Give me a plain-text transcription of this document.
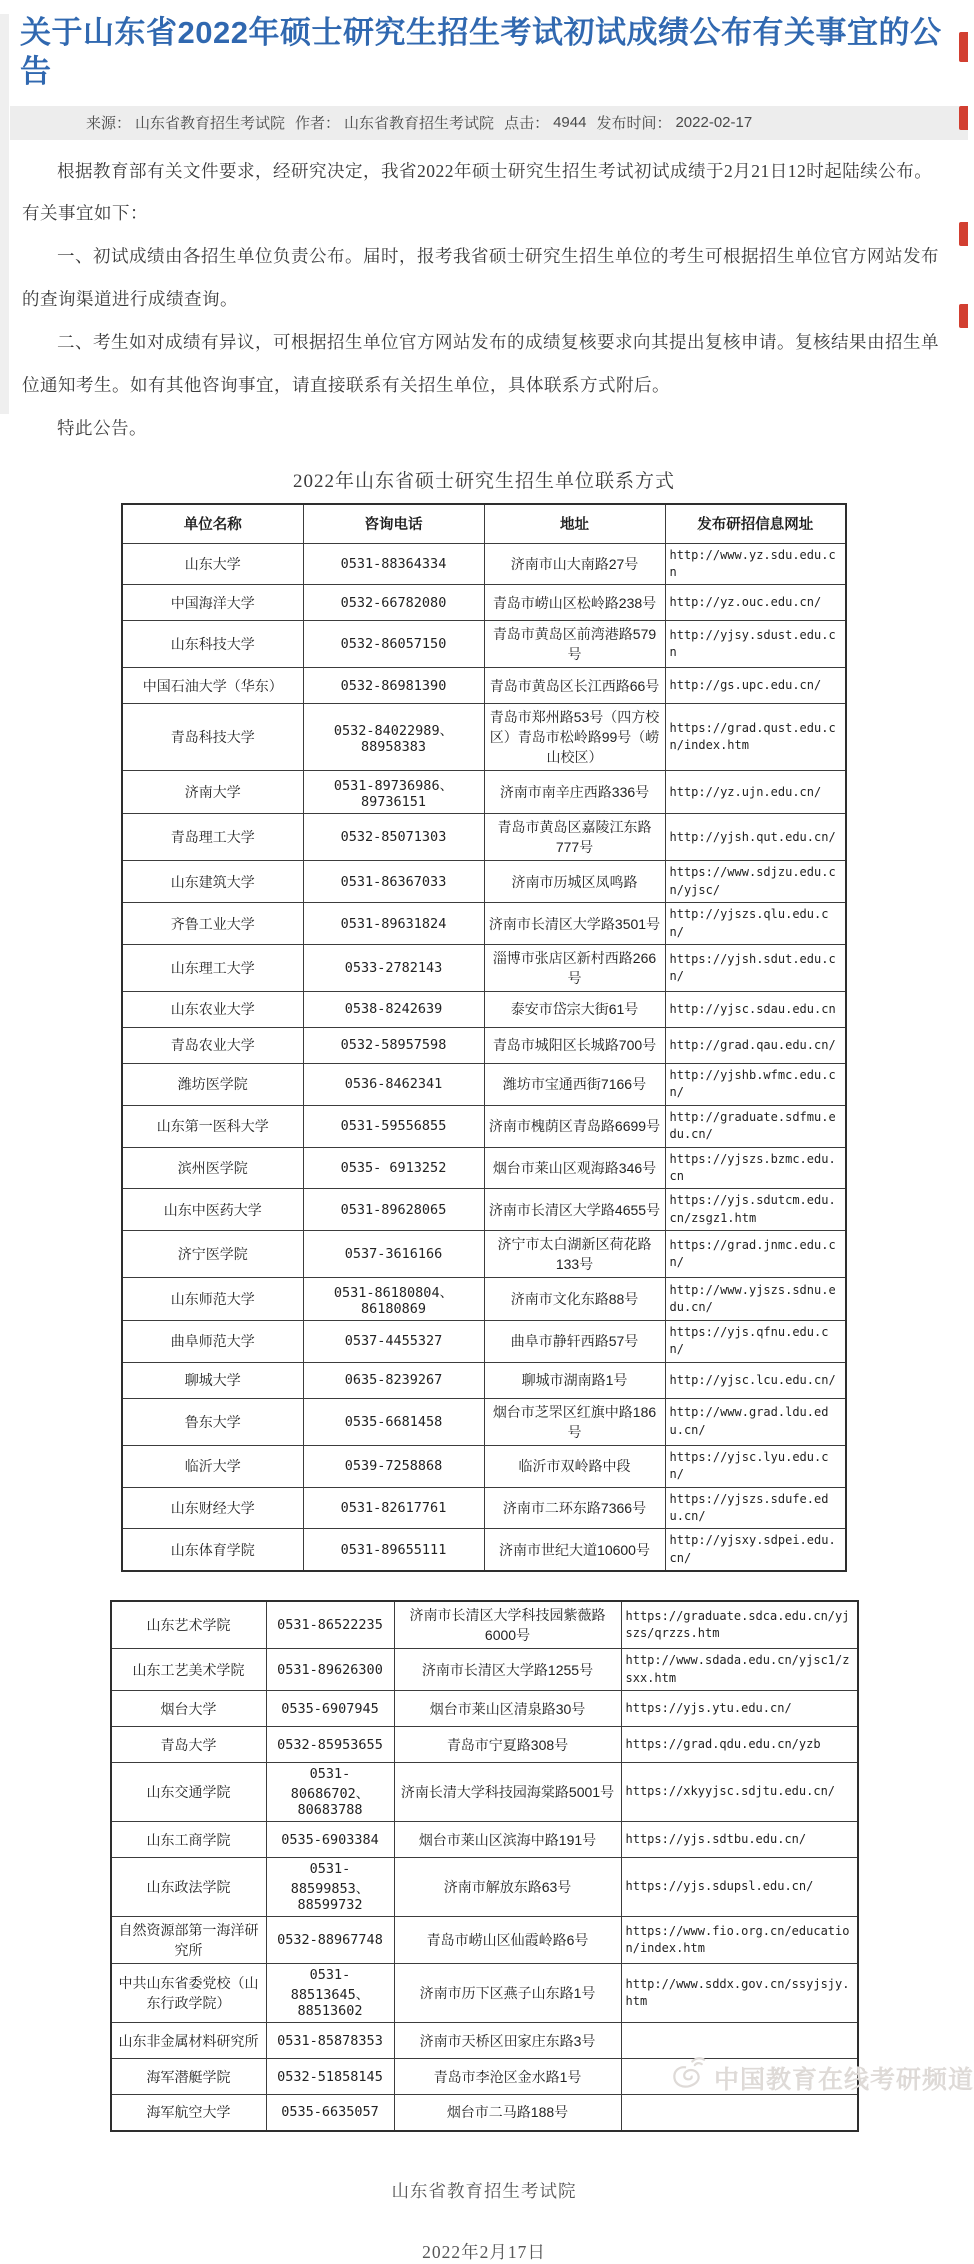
关于山东省2022年硕士研究生招生考试初试成绩公布有关事宜的公告
来源： 山东省教育招生考试院 作者： 山东省教育招生考试院 点击： 4944 发布时间： 2022-02-17

根据教育部有关文件要求，经研究决定，我省2022年硕士研究生招生考试初试成绩于2月21日12时起陆续公布。有关事宜如下：

一、初试成绩由各招生单位负责公布。届时，报考我省硕士研究生招生单位的考生可根据招生单位官方网站发布的查询渠道进行成绩查询。

二、考生如对成绩有异议，可根据招生单位官方网站发布的成绩复核要求向其提出复核申请。复核结果由招生单位通知考生。如有其他咨询事宜，请直接联系有关招生单位，具体联系方式附后。

特此公告。

2022年山东省硕士研究生招生单位联系方式
单位名称	咨询电话	地址	发布研招信息网址
山东大学	0531-88364334	济南市山大南路27号	http://www.yz.sdu.edu.cn
中国海洋大学	0532-66782080	青岛市崂山区松岭路238号	http://yz.ouc.edu.cn/
山东科技大学	0532-86057150	青岛市黄岛区前湾港路579号	http://yjsy.sdust.edu.cn
中国石油大学（华东）	0532-86981390	青岛市黄岛区长江西路66号	http://gs.upc.edu.cn/
青岛科技大学	0532-84022989、88958383	青岛市郑州路53号（四方校区）青岛市松岭路99号（崂山校区）	https://grad.qust.edu.cn/index.htm
济南大学	0531-89736986、89736151	济南市南辛庄西路336号	http://yz.ujn.edu.cn/
青岛理工大学	0532-85071303	青岛市黄岛区嘉陵江东路777号	http://yjsh.qut.edu.cn/
山东建筑大学	0531-86367033	济南市历城区凤鸣路	https://www.sdjzu.edu.cn/yjsc/
齐鲁工业大学	0531-89631824	济南市长清区大学路3501号	http://yjszs.qlu.edu.cn/
山东理工大学	0533-2782143	淄博市张店区新村西路266号	https://yjsh.sdut.edu.cn/
山东农业大学	0538-8242639	泰安市岱宗大街61号	http://yjsc.sdau.edu.cn
青岛农业大学	0532-58957598	青岛市城阳区长城路700号	http://grad.qau.edu.cn/
潍坊医学院	0536-8462341	潍坊市宝通西街7166号	http://yjshb.wfmc.edu.cn/
山东第一医科大学	0531-59556855	济南市槐荫区青岛路6699号	http://graduate.sdfmu.edu.cn/
滨州医学院	0535- 6913252	烟台市莱山区观海路346号	https://yjszs.bzmc.edu.cn
山东中医药大学	0531-89628065	济南市长清区大学路4655号	https://yjs.sdutcm.edu.cn/zsgz1.htm
济宁医学院	0537-3616166	济宁市太白湖新区荷花路133号	https://grad.jnmc.edu.cn/
山东师范大学	0531-86180804、86180869	济南市文化东路88号	http://www.yjszs.sdnu.edu.cn/
曲阜师范大学	0537-4455327	曲阜市静轩西路57号	https://yjs.qfnu.edu.cn/
聊城大学	0635-8239267	聊城市湖南路1号	http://yjsc.lcu.edu.cn/
鲁东大学	0535-6681458	烟台市芝罘区红旗中路186号	http://www.grad.ldu.edu.cn/
临沂大学	0539-7258868	临沂市双岭路中段	https://yjsc.lyu.edu.cn/
山东财经大学	0531-82617761	济南市二环东路7366号	https://yjszs.sdufe.edu.cn/
山东体育学院	0531-89655111	济南市世纪大道10600号	http://yjsxy.sdpei.edu.cn/
山东艺术学院	0531-86522235	济南市长清区大学科技园紫薇路6000号	https://graduate.sdca.edu.cn/yjszs/qrzzs.htm
山东工艺美术学院	0531-89626300	济南市长清区大学路1255号	http://www.sdada.edu.cn/yjsc1/zsxx.htm
烟台大学	0535-6907945	烟台市莱山区清泉路30号	https://yjs.ytu.edu.cn/
青岛大学	0532-85953655	青岛市宁夏路308号	https://grad.qdu.edu.cn/yzb
山东交通学院	0531-80686702、80683788	济南长清大学科技园海棠路5001号	https://xkyyjsc.sdjtu.edu.cn/
山东工商学院	0535-6903384	烟台市莱山区滨海中路191号	https://yjs.sdtbu.edu.cn/
山东政法学院	0531-88599853、88599732	济南市解放东路63号	https://yjs.sdupsl.edu.cn/
自然资源部第一海洋研究所	0532-88967748	青岛市崂山区仙霞岭路6号	https://www.fio.org.cn/education/index.htm
中共山东省委党校（山东行政学院）	0531-88513645、88513602	济南市历下区燕子山东路1号	http://www.sddx.gov.cn/ssyjsjy.htm
山东非金属材料研究所	0531-85878353	济南市天桥区田家庄东路3号	
海军潜艇学院	0532-51858145	青岛市李沧区金水路1号	
海军航空大学	0535-6635057	烟台市二马路188号	
山东省教育招生考试院
2022年2月17日
中国教育在线考研频道
